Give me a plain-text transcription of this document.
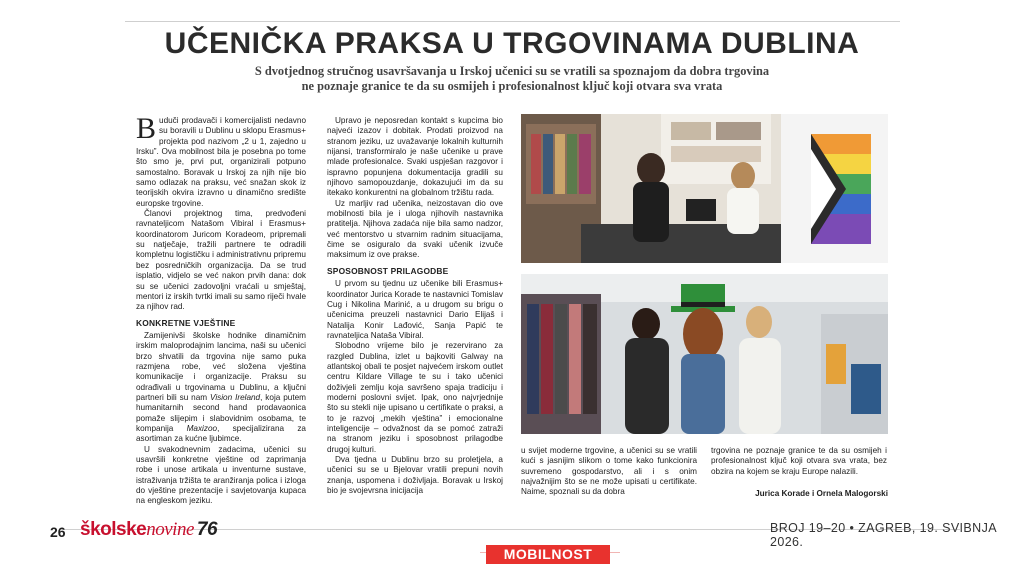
UČENIČKA PRAKSA U TRGOVINAMA DUBLINA
S dvotjednog stručnog usavršavanja u Irskoj učenici su se vratili sa spoznajom da dobra trgovina
ne poznaje granice te da su osmijeh i profesionalnost ključ koji otvara sva vrata

Buduči prodavači i komercijalisti nedavno su boravili u Dublinu u sklopu Erasmus+ projekta pod nazivom „2 u 1, zajedno u Irsku”. Ova mobilnost bila je posebna po tome što smo je, prvi put, organizirali potpuno samostalno. Boravak u Irskoj za njih nije bio samo odlazak na praksu, već snažan skok iz teorijskih okvira izravno u dinamično središte europske trgovine.

Članovi projektnog tima, predvođeni ravnateljicom Natašom Vibiral i Erasmus+ koordinatorom Juricom Koradeom, pripremali su natječaje, tražili partnere te odradili kompletnu logističku i administrativnu pripremu bez posredničkih organizacija. Da se trud isplatio, vidjelo se već nakon prvih dana: dok su se učenici zadovoljni vraćali u smještaj, mentori iz irskih tvrtki imali su samo riječi hvale za njihov rad.

KONKRETNE VJEŠTINE

Zamijenivši školske hodnike dinamičnim irskim maloprodajnim lancima, naši su učenici brzo shvatili da trgovina nije samo puka razmjena robe, već složena vještina komunikacije i organizacije. Praksu su odrađivali u trgovinama u Dublinu, a ključni partneri bili su nam Vision Ireland, koja putem humanitarnih second hand prodavaonica pomaže slijepim i slabovidnim osobama, te kompanija Maxizoo, specijalizirana za asortiman za kućne ljubimce.

U svakodnevnim zadacima, učenici su usavršili konkretne vještine od zaprimanja robe i unose artikala u inventurne sustave, istraživanja tržišta te aranžiranja polica i izloga do vještine prezentacije i savjetovanja kupaca na engleskom jeziku.

Upravo je neposredan kontakt s kupcima bio najveći izazov i dobitak. Prodati proizvod na stranom jeziku, uz uvažavanje lokalnih kulturnih nijansi, transformiralo je naše učenike u prave mlade profesionalce. Svaki uspješan razgovor i ispravno popunjena dokumentacija gradili su njihovo samopouzdanje, dokazujući im da su itekako konkurentni na globalnom tržištu rada.

Uz marljiv rad učenika, neizostavan dio ove mobilnosti bila je i uloga njihovih nastavnika pratitelja. Njihova zadaća nije bila samo nadzor, već mentorstvo u stvarnim radnim situacijama, čime se osiguralo da svaki učenik izvuče maksimum iz ove prakse.

SPOSOBNOST PRILAGODBE

U prvom su tjednu uz učenike bili Erasmus+ koordinator Jurica Korade te nastavnici Tomislav Cug i Nikolina Marinić, a u drugom su brigu o učenicima preuzeli nastavnici Dario Elijaš i Natalija Konir Lađović, Sanja Papić te ravnateljica Nataša Vibiral.

Slobodno vrijeme bilo je rezervirano za razgled Dublina, izlet u bajkoviti Galway na atlantskoj obali te posjet najvećem irskom outlet centru Kildare Village te su i tako učenici doživjeli zemlju koja savršeno spaja tradiciju i moderni poslovni svijet. Ipak, ono najvrjednije što su stekli nije upisano u certifikate o praksi, a to je razvoj „mekih vještina” i emocionalne inteligencije – odvažnost da se pomoć zatraži na stranom jeziku i sposobnost prilagodbe drugoj kulturi.

Dva tjedna u Dublinu brzo su proletjela, a učenici su se u Bjelovar vratili prepuni novih znanja, uspomena i doživljaja. Boravak u Irskoj bio je svojevrsna inicijacija

u svijet moderne trgovine, a učenici su se vratili kući s jasnijim slikom o tome kako funkcionira suvremeno gospodarstvo, ali i s onim najvažnijim što se ne može upisati u certifikate. Naime, spoznali su da dobra

trgovina ne poznaje granice te da su osmijeh i profesionalnost ključ koji otvara sva vrata, bez obzira na kojem se kraju Europe nalazili.

Jurica Korade i Ornela Malogorski
26 školskenovine 76	BROJ 19–20 • ZAGREB, 19. SVIBNJA 2026.
MOBILNOST
